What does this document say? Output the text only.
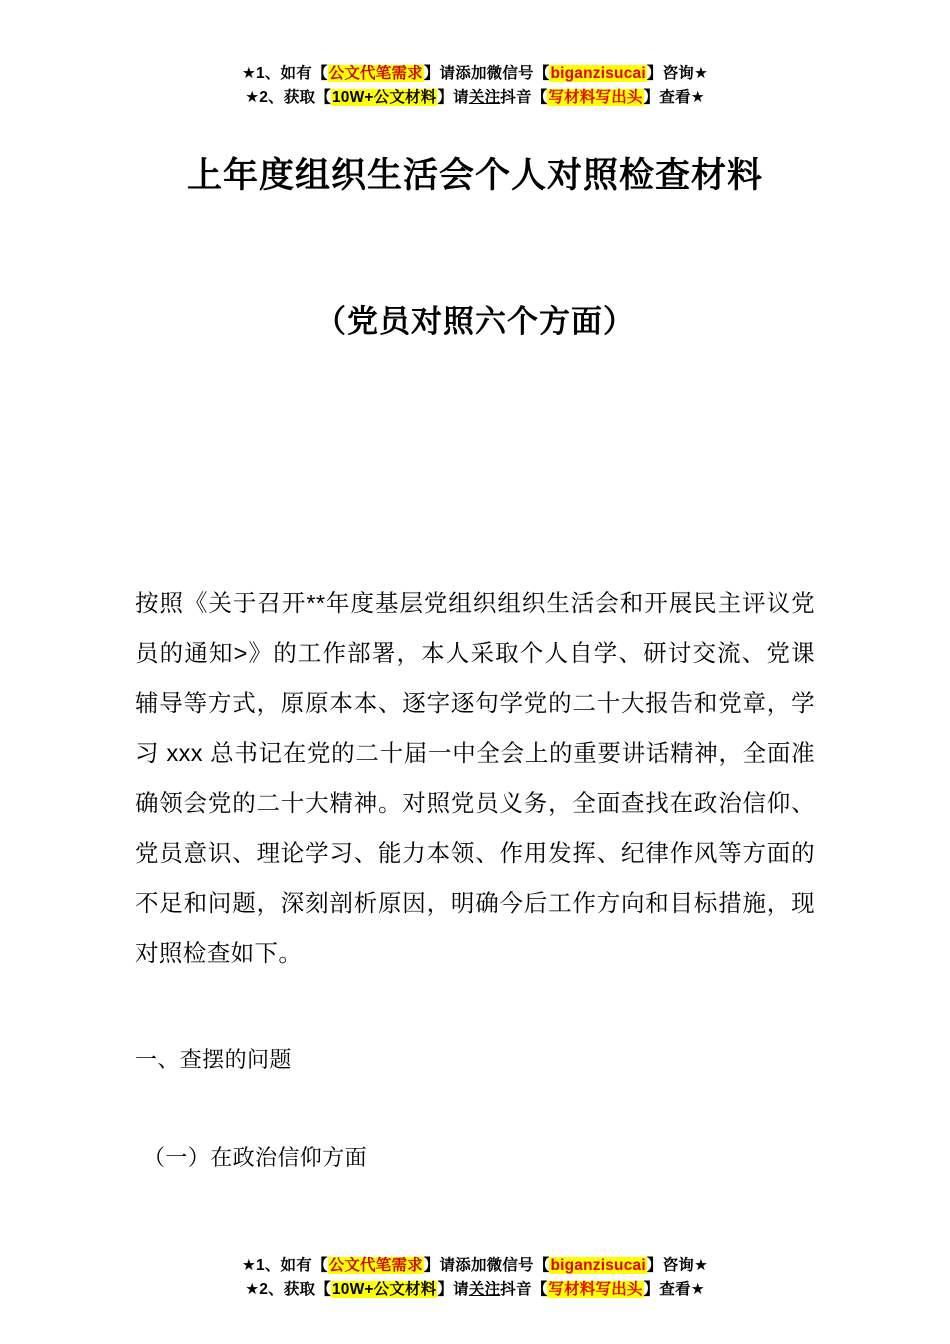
★1、如有【公文代笔需求】请添加微信号【biganzisucai】咨询★
★2、获取【10W+公文材料】请关注抖音【写材料写出头】查看★
上年度组织生活会个人对照检查材料
（党员对照六个方面）

按照《关于召开**年度基层党组织组织生活会和开展民主评议党员的通知>》的工作部署，本人采取个人自学、研讨交流、党课辅导等方式，原原本本、逐字逐句学党的二十大报告和党章，学习 xxx 总书记在党的二十届一中全会上的重要讲话精神，全面准确领会党的二十大精神。对照党员义务，全面查找在政治信仰、党员意识、理论学习、能力本领、作用发挥、纪律作风等方面的不足和问题，深刻剖析原因，明确今后工作方向和目标措施，现对照检查如下。

一、查摆的问题

（一）在政治信仰方面

★1、如有【公文代笔需求】请添加微信号【biganzisucai】咨询★
★2、获取【10W+公文材料】请关注抖音【写材料写出头】查看★
